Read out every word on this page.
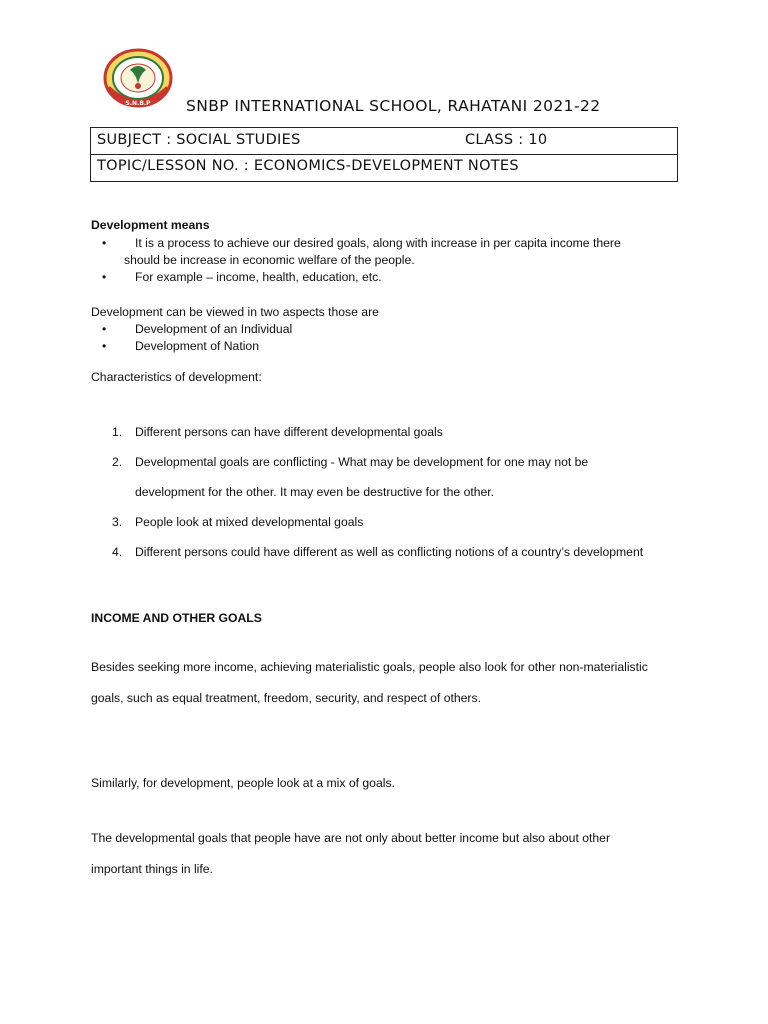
S.N.B.P SNBP INTERNATIONAL SCHOOL, RAHATANI 2021-22
SUBJECT : SOCIAL STUDIES	CLASS : 10
TOPIC/LESSON NO. : ECONOMICS-DEVELOPMENT NOTES
Development means
• It is a process to achieve our desired goals, along with increase in per capita income there
should be increase in economic welfare of the people.
• For example – income, health, education, etc.
Development can be viewed in two aspects those are
• Development of an Individual
• Development of Nation
Characteristics of development:
1. Different persons can have different developmental goals
2. Developmental goals are conflicting - What may be development for one may not be
development for the other. It may even be destructive for the other.
3. People look at mixed developmental goals
4. Different persons could have different as well as conflicting notions of a country’s development
INCOME AND OTHER GOALS
Besides seeking more income, achieving materialistic goals, people also look for other non-materialistic
goals, such as equal treatment, freedom, security, and respect of others.
Similarly, for development, people look at a mix of goals.
The developmental goals that people have are not only about better income but also about other
important things in life.
